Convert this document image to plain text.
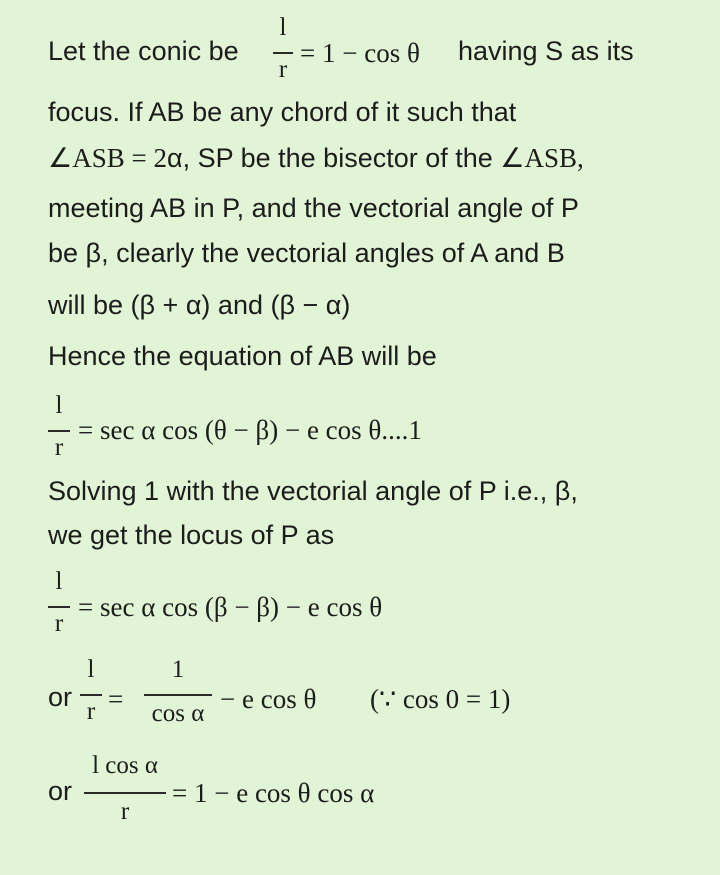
Let the conic be
l
r
= 1 − cos θ having S as its
focus. If AB be any chord of it such that
∠ASB = 2α, SP be the bisector of the ∠ASB,
meeting AB in P, and the vectorial angle of P
be β, clearly the vectorial angles of A and B
will be (β + α) and (β − α)
Hence the equation of AB will be
l
r
= sec α cos (θ − β) − e cos θ....1
Solving 1 with the vectorial angle of P i.e., β,
we get the locus of P as
l
r
= sec α cos (β − β) − e cos θ
or
l
r =
1
cos α − e cos θ (∵ cos 0 = 1)
or
l cos α
r
= 1 − e cos θ cos α
